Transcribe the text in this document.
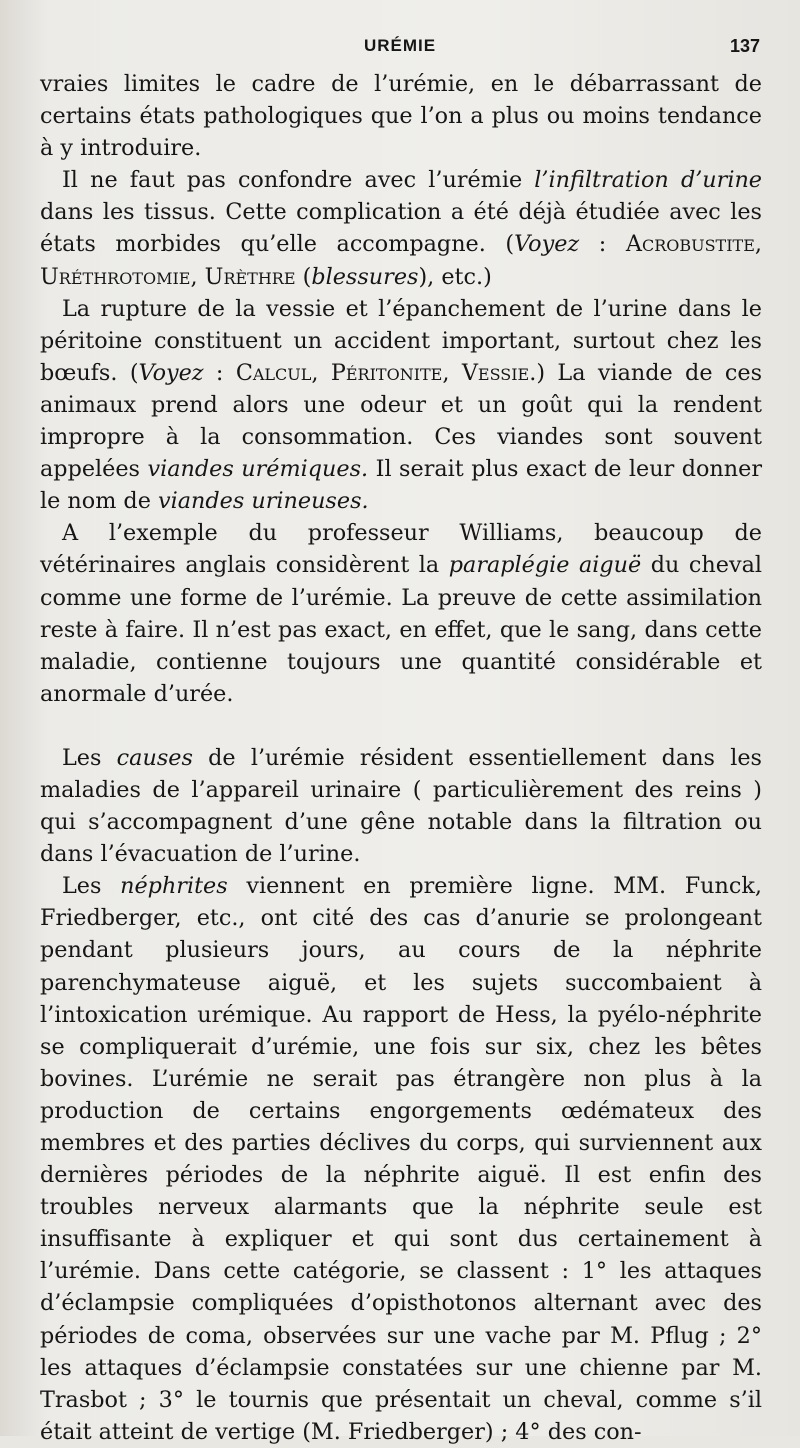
URÉMIE	137

vraies limites le cadre de l’urémie, en le débarrassant de certains états pathologiques que l’on a plus ou moins tendance à y introduire.

Il ne faut pas confondre avec l’urémie l’infiltration d’urine dans les tissus. Cette complication a été déjà étudiée avec les états morbides qu’elle accompagne. (Voyez : Acrobustite, Uréthrotomie, Urèthre (blessures), etc.)

La rupture de la vessie et l’épanchement de l’urine dans le péritoine constituent un accident important, surtout chez les bœufs. (Voyez : Calcul, Péritonite, Vessie.) La viande de ces animaux prend alors une odeur et un goût qui la rendent impropre à la consommation. Ces viandes sont souvent appelées viandes urémiques. Il serait plus exact de leur donner le nom de viandes urineuses.

A l’exemple du professeur Williams, beaucoup de vétérinaires anglais considèrent la paraplégie aiguë du cheval comme une forme de l’urémie. La preuve de cette assimilation reste à faire. Il n’est pas exact, en effet, que le sang, dans cette maladie, contienne toujours une quantité considérable et anormale d’urée.

Les causes de l’urémie résident essentiellement dans les maladies de l’appareil urinaire ( particulièrement des reins ) qui s’accompagnent d’une gêne notable dans la filtration ou dans l’évacuation de l’urine.

Les néphrites viennent en première ligne. MM. Funck, Friedberger, etc., ont cité des cas d’anurie se prolongeant pendant plusieurs jours, au cours de la néphrite parenchymateuse aiguë, et les sujets succombaient à l’intoxication urémique. Au rapport de Hess, la pyélo-néphrite se compliquerait d’urémie, une fois sur six, chez les bêtes bovines. L’urémie ne serait pas étrangère non plus à la production de certains engorgements œdémateux des membres et des parties déclives du corps, qui surviennent aux dernières périodes de la néphrite aiguë. Il est enfin des troubles nerveux alarmants que la néphrite seule est insuffisante à expliquer et qui sont dus certainement à l’urémie. Dans cette catégorie, se classent : 1° les attaques d’éclampsie compliquées d’opisthotonos alternant avec des périodes de coma, observées sur une vache par M. Pflug ; 2° les attaques d’éclampsie constatées sur une chienne par M. Trasbot ; 3° le tournis que présentait un cheval, comme s’il était atteint de vertige (M. Friedberger) ; 4° des con-
